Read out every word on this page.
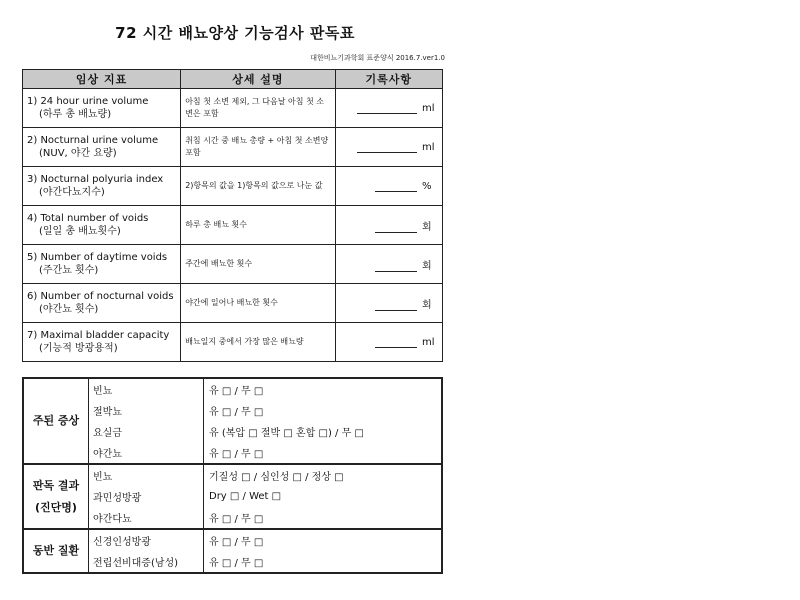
72 시간 배뇨양상 기능검사 판독표
대한비뇨기과학회 표준양식 2016.7.ver1.0
임상 지표	상세 설명	기록사항
1) 24 hour urine volume
(하루 총 배뇨량)	아침 첫 소변 제외, 그 다음날 아침 첫 소변은 포함	ml

2) Nocturnal urine volume
(NUV, 야간 요량)	취침 시간 중 배뇨 총량 + 아침 첫 소변양 포함	ml

3) Nocturnal polyuria index
(야간다뇨지수)	2)항목의 값을 1)항목의 값으로 나눈 값	%

4) Total number of voids
(일일 총 배뇨횟수)	하루 총 배뇨 횟수	회

5) Number of daytime voids
(주간뇨 횟수)	주간에 배뇨한 횟수	회

6) Number of nocturnal voids
(야간뇨 횟수)	야간에 일어나 배뇨한 횟수	회

7) Maximal bladder capacity
(기능적 방광용적)	배뇨일지 중에서 가장 많은 배뇨량	ml
주된 증상	빈뇨	유 □ / 무 □
	절박뇨	유 □ / 무 □
	요실금	유 (복압 □ 절박 □ 혼합 □) / 무 □
	야간뇨	유 □ / 무 □
판독 결과
(진단명)	빈뇨	기질성 □ / 심인성 □ / 정상 □
	과민성방광	Dry □ / Wet □
	야간다뇨	유 □ / 무 □
동반 질환	신경인성방광	유 □ / 무 □
	전립선비대증(남성)	유 □ / 무 □
